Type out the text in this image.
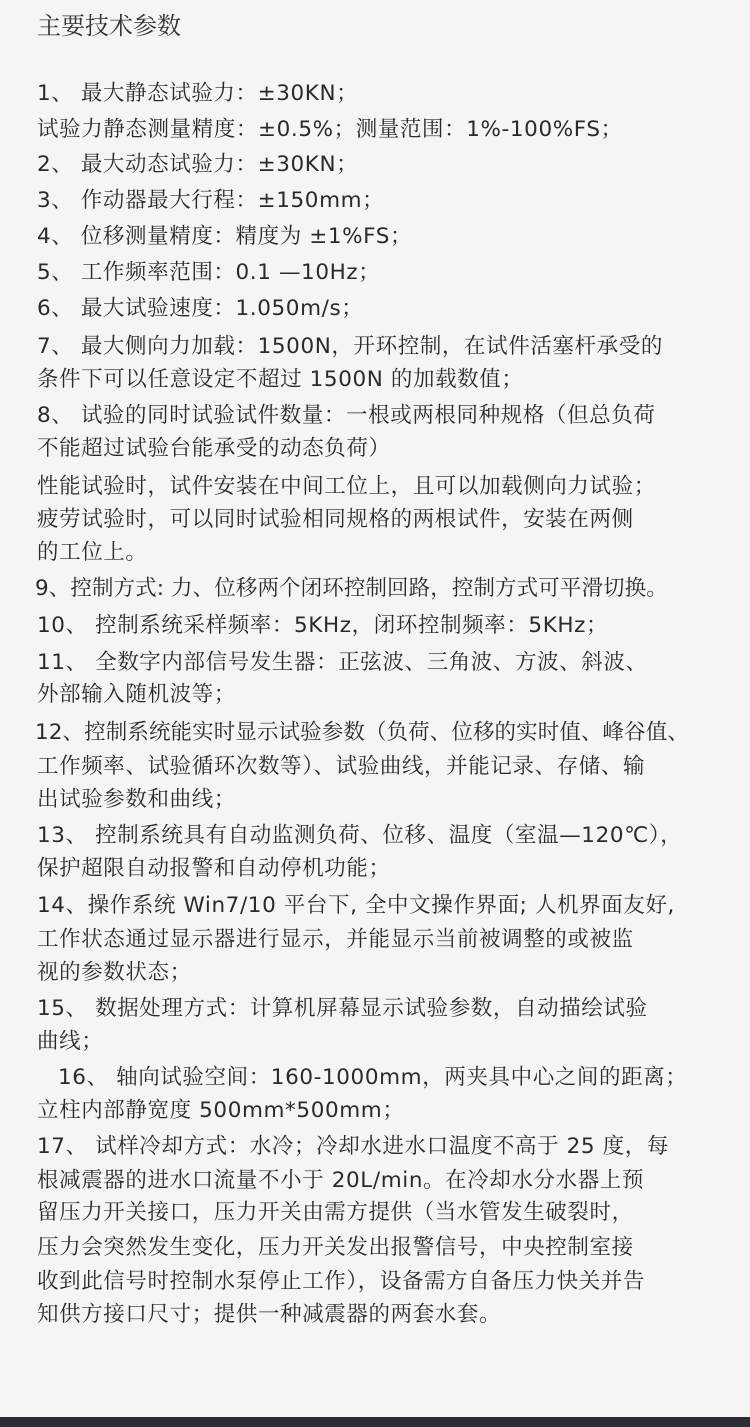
主要技术参数
1、 最大静态试验力：±30KN；
试验力静态测量精度：±0.5%；测量范围：1%-100%FS；
2、 最大动态试验力：±30KN；
3、 作动器最大行程：±150mm；
4、 位移测量精度：精度为 ±1%FS；
5、 工作频率范围：0.1 —10Hz；
6、 最大试验速度：1.050m/s；
7、 最大侧向力加载：1500N，开环控制，在试件活塞杆承受的
条件下可以任意设定不超过 1500N 的加载数值；
8、 试验的同时试验试件数量：一根或两根同种规格（但总负荷
不能超过试验台能承受的动态负荷）
性能试验时，试件安装在中间工位上，且可以加载侧向力试验；
疲劳试验时，可以同时试验相同规格的两根试件，安装在两侧
的工位上。
9、控制方式: 力、位移两个闭环控制回路，控制方式可平滑切换。
10、 控制系统采样频率：5KHz，闭环控制频率：5KHz；
11、 全数字内部信号发生器：正弦波、三角波、方波、斜波、
外部输入随机波等；
12、控制系统能实时显示试验参数（负荷、位移的实时值、峰谷值、
工作频率、试验循环次数等）、试验曲线，并能记录、存储、输
出试验参数和曲线；
13、 控制系统具有自动监测负荷、位移、温度（室温—120℃），
保护超限自动报警和自动停机功能；
14、操作系统 Win7/10 平台下, 全中文操作界面; 人机界面友好,
工作状态通过显示器进行显示，并能显示当前被调整的或被监
视的参数状态；
15、 数据处理方式：计算机屏幕显示试验参数，自动描绘试验
曲线；
16、 轴向试验空间：160-1000mm，两夹具中心之间的距离；
立柱内部静宽度 500mm*500mm；
17、 试样冷却方式：水冷；冷却水进水口温度不高于 25 度，每
根减震器的进水口流量不小于 20L/min。在冷却水分水器上预
留压力开关接口，压力开关由需方提供（当水管发生破裂时，
压力会突然发生变化，压力开关发出报警信号，中央控制室接
收到此信号时控制水泵停止工作），设备需方自备压力快关并告
知供方接口尺寸；提供一种减震器的两套水套。
